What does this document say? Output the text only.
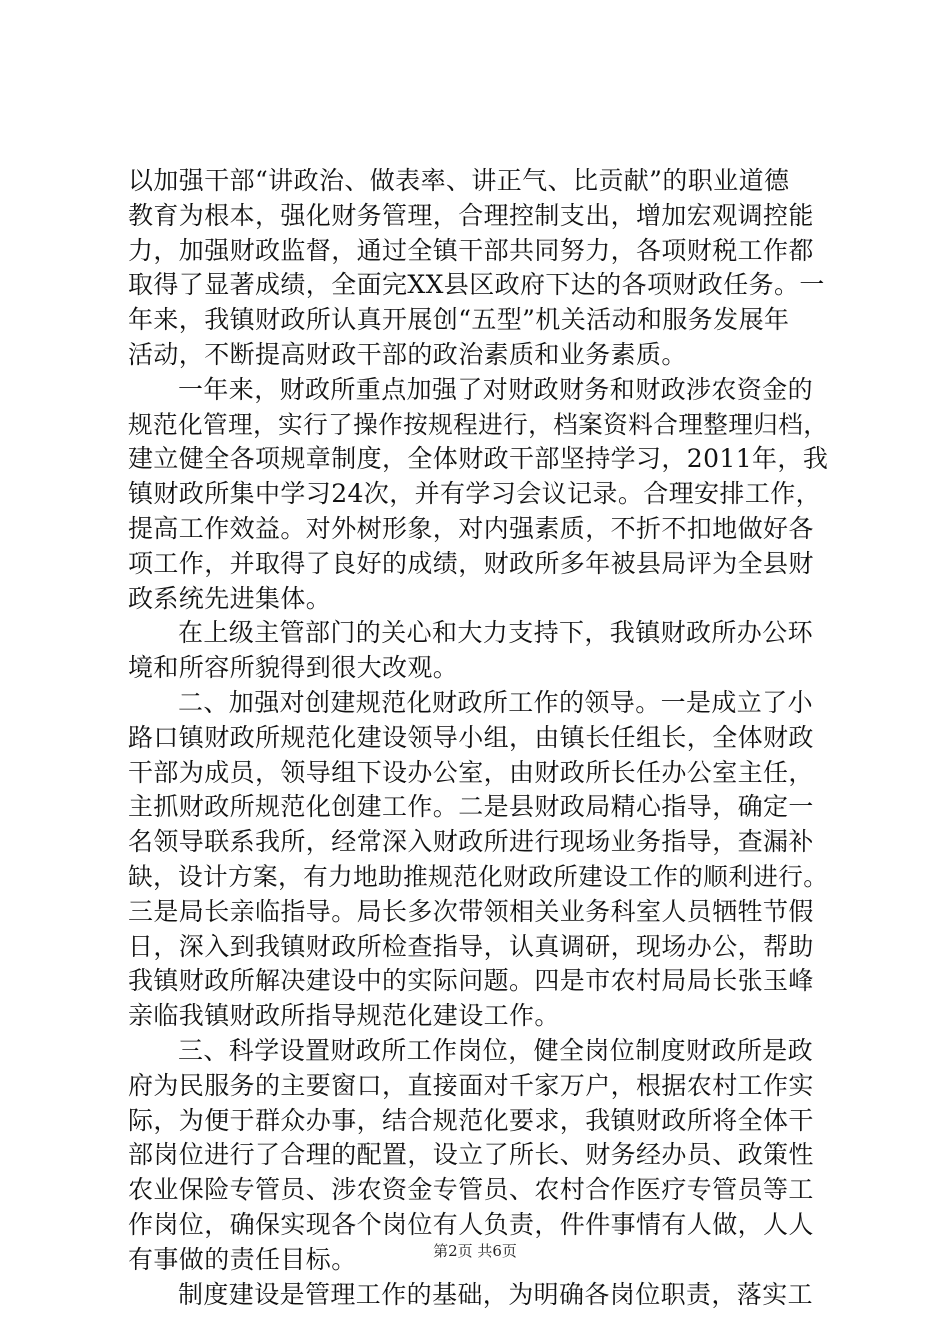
以加强干部“讲政治、做表率、讲正气、比贡献”的职业道德
教育为根本，强化财务管理，合理控制支出，增加宏观调控能
力，加强财政监督，通过全镇干部共同努力，各项财税工作都
取得了显著成绩，全面完XX县区政府下达的各项财政任务。一
年来，我镇财政所认真开展创“五型”机关活动和服务发展年
活动，不断提高财政干部的政治素质和业务素质。
一年来，财政所重点加强了对财政财务和财政涉农资金的
规范化管理，实行了操作按规程进行，档案资料合理整理归档，
建立健全各项规章制度，全体财政干部坚持学习，2011年，我
镇财政所集中学习24次，并有学习会议记录。合理安排工作，
提高工作效益。对外树形象，对内强素质，不折不扣地做好各
项工作，并取得了良好的成绩，财政所多年被县局评为全县财
政系统先进集体。
在上级主管部门的关心和大力支持下，我镇财政所办公环
境和所容所貌得到很大改观。
二、加强对创建规范化财政所工作的领导。一是成立了小
路口镇财政所规范化建设领导小组，由镇长任组长，全体财政
干部为成员，领导组下设办公室，由财政所长任办公室主任，
主抓财政所规范化创建工作。二是县财政局精心指导，确定一
名领导联系我所，经常深入财政所进行现场业务指导，查漏补
缺，设计方案，有力地助推规范化财政所建设工作的顺利进行。
三是局长亲临指导。局长多次带领相关业务科室人员牺牲节假
日，深入到我镇财政所检查指导，认真调研，现场办公，帮助
我镇财政所解决建设中的实际问题。四是市农村局局长张玉峰
亲临我镇财政所指导规范化建设工作。
三、科学设置财政所工作岗位，健全岗位制度财政所是政
府为民服务的主要窗口，直接面对千家万户，根据农村工作实
际，为便于群众办事，结合规范化要求，我镇财政所将全体干
部岗位进行了合理的配置，设立了所长、财务经办员、政策性
农业保险专管员、涉农资金专管员、农村合作医疗专管员等工
作岗位，确保实现各个岗位有人负责，件件事情有人做，人人
有事做的责任目标。
制度建设是管理工作的基础，为明确各岗位职责，落实工
第2页 共6页
